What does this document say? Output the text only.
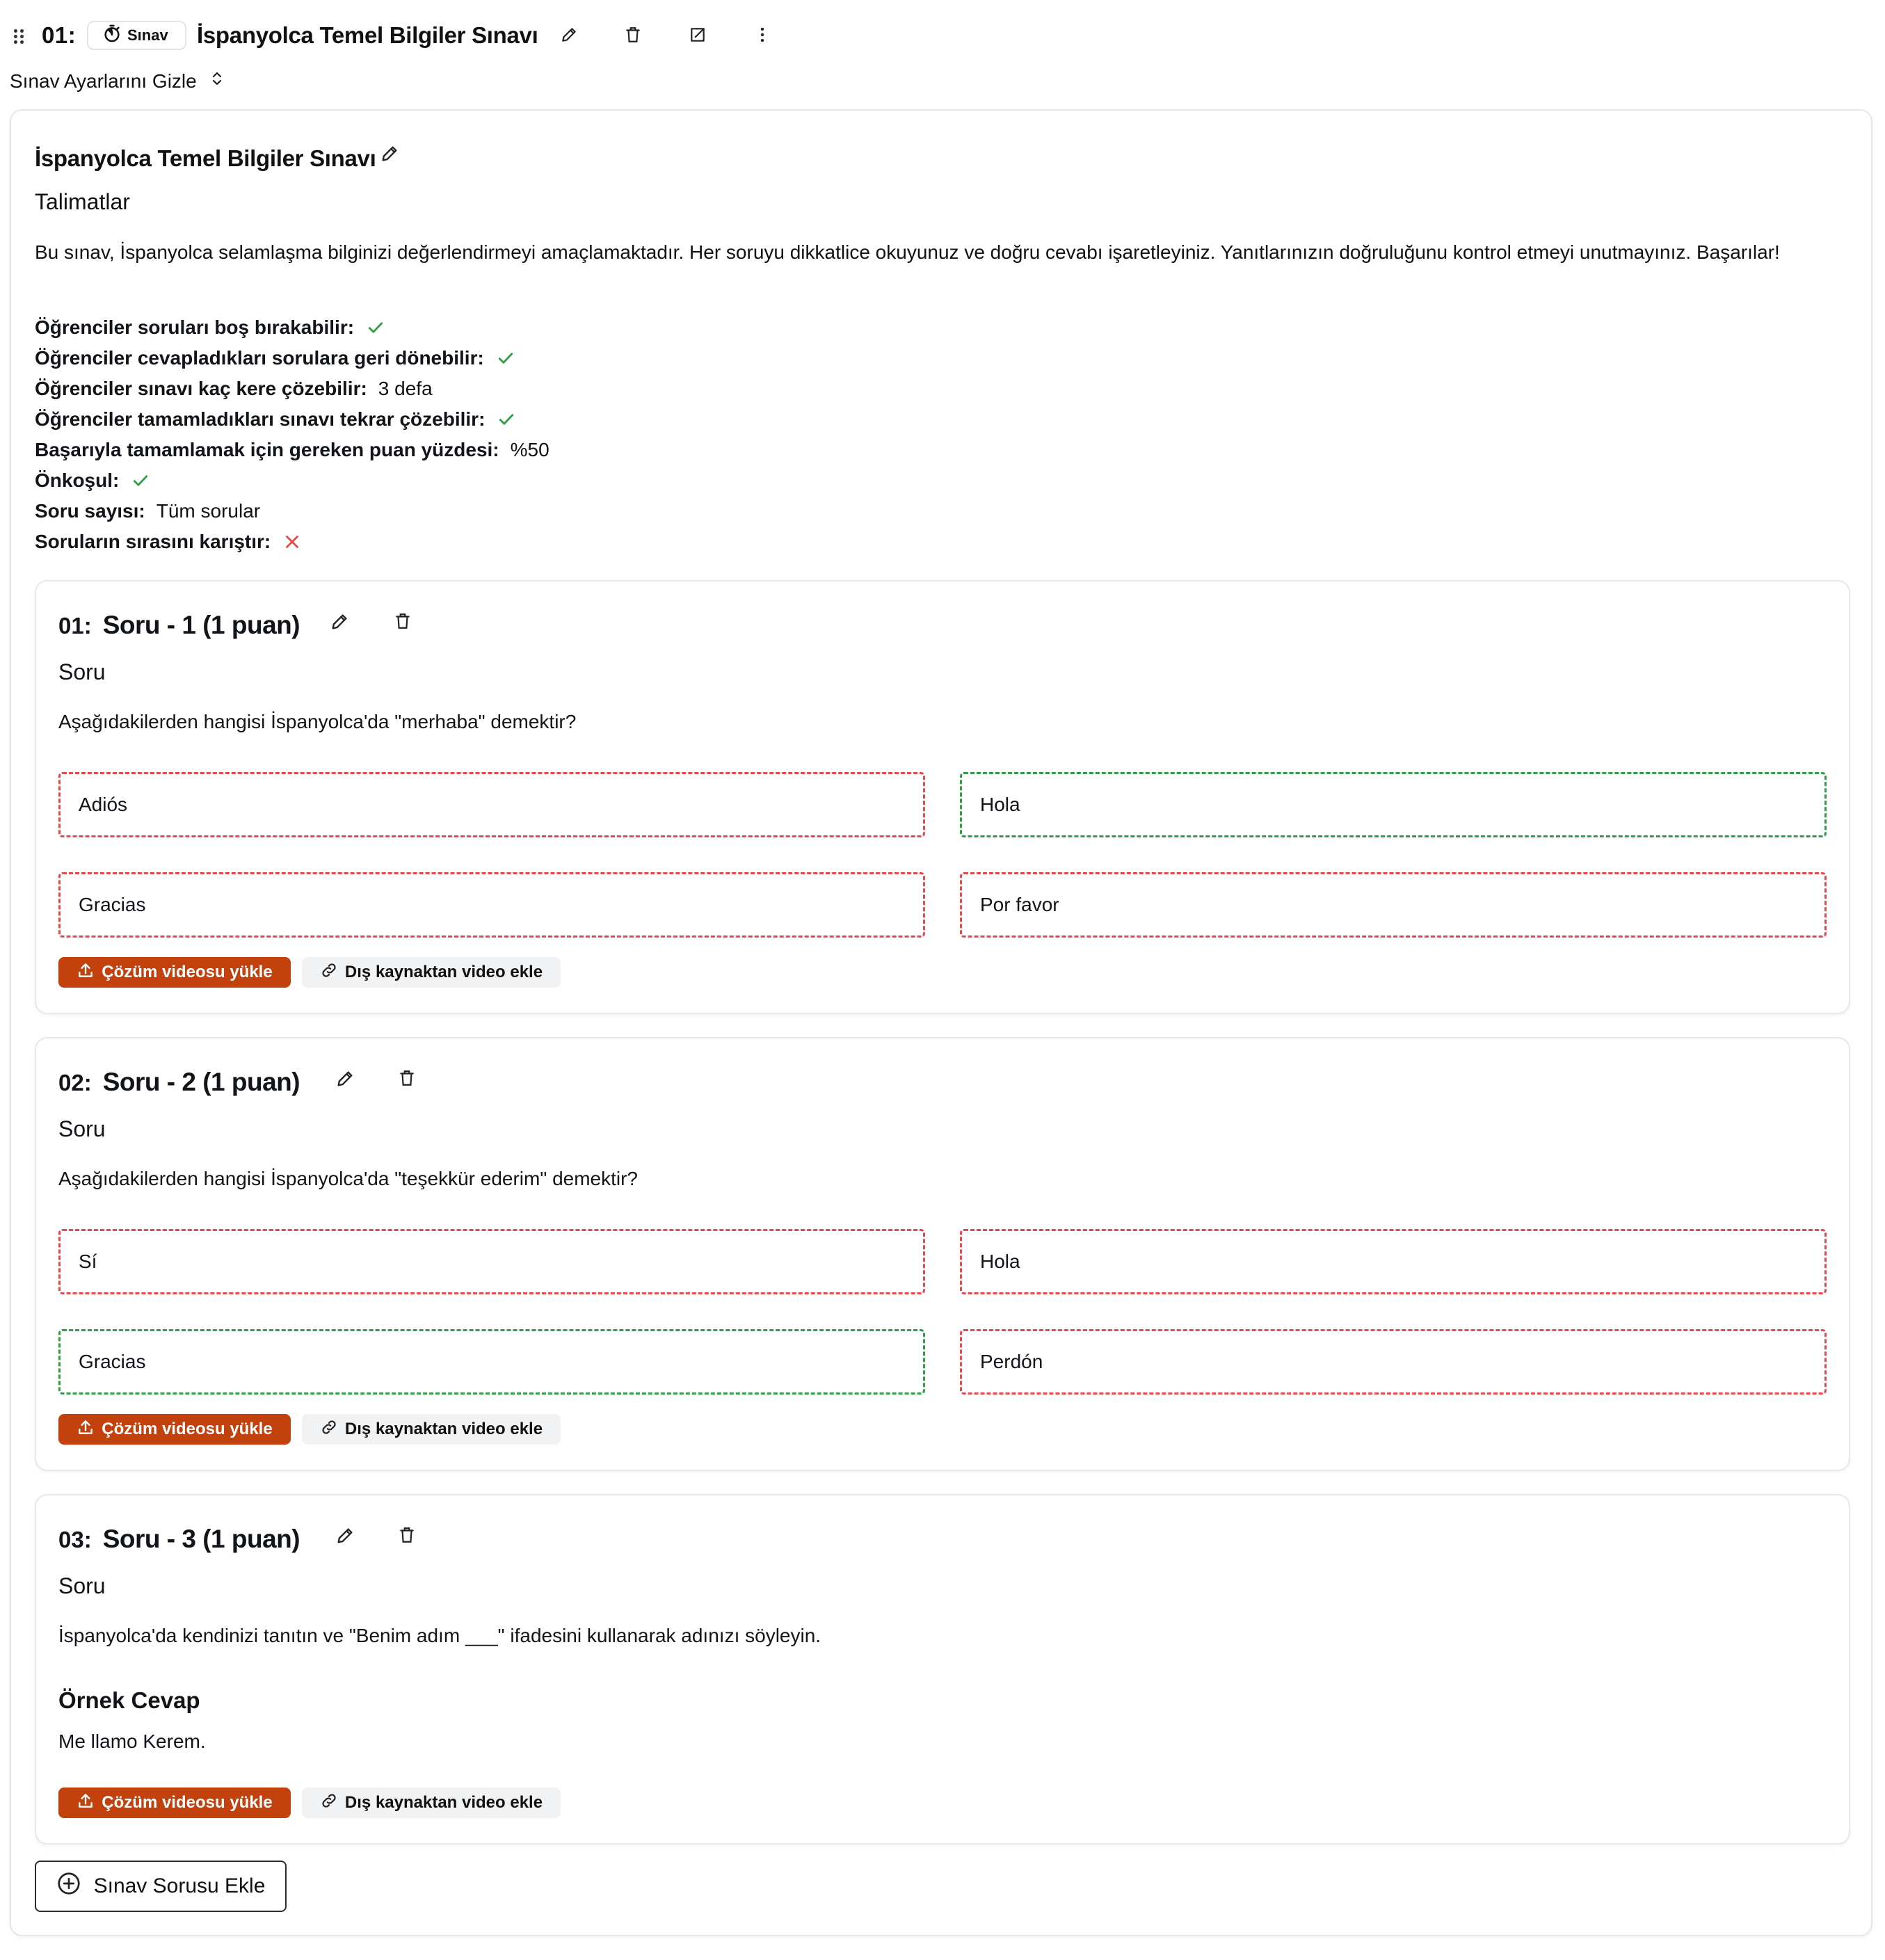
01:	Sınav İspanyolca Temel Bilgiler Sınavı
Sınav Ayarlarını Gizle
İspanyolca Temel Bilgiler Sınavı
Talimatlar
Bu sınav, İspanyolca selamlaşma bilginizi değerlendirmeyi amaçlamaktadır. Her soruyu dikkatlice okuyunuz ve doğru cevabı işaretleyiniz. Yanıtlarınızın doğruluğunu kontrol etmeyi unutmayınız. Başarılar!
Öğrenciler soruları boş bırakabilir:
Öğrenciler cevapladıkları sorulara geri dönebilir:
Öğrenciler sınavı kaç kere çözebilir: 3 defa
Öğrenciler tamamladıkları sınavı tekrar çözebilir:
Başarıyla tamamlamak için gereken puan yüzdesi: %50
Önkoşul:
Soru sayısı: Tüm sorular
Soruların sırasını karıştır:
01: Soru - 1 (1 puan)
Soru
Aşağıdakilerden hangisi İspanyolca'da "merhaba" demektir?
Adiós	Hola
Gracias	Por favor
Çözüm videosu yükle	Dış kaynaktan video ekle
02: Soru - 2 (1 puan)
Soru
Aşağıdakilerden hangisi İspanyolca'da "teşekkür ederim" demektir?
Sí	Hola
Gracias	Perdón
Çözüm videosu yükle	Dış kaynaktan video ekle
03: Soru - 3 (1 puan)
Soru
İspanyolca'da kendinizi tanıtın ve "Benim adım ___" ifadesini kullanarak adınızı söyleyin.
Örnek Cevap
Me llamo Kerem.
Çözüm videosu yükle	Dış kaynaktan video ekle
Sınav Sorusu Ekle
